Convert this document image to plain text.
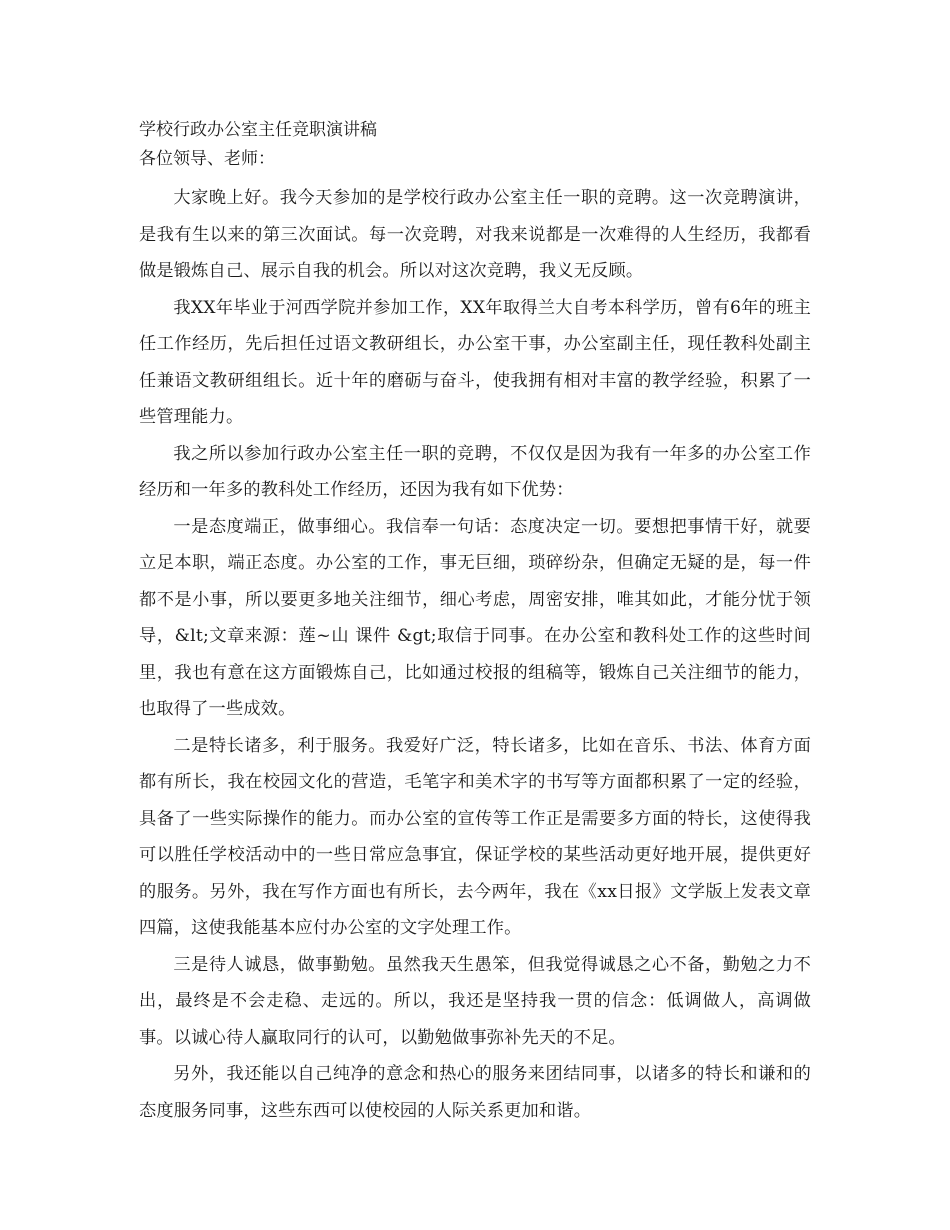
学校行政办公室主任竞职演讲稿

各位领导、老师：

大家晚上好。我今天参加的是学校行政办公室主任一职的竞聘。这一次竞聘演讲，是我有生以来的第三次面试。每一次竞聘，对我来说都是一次难得的人生经历，我都看做是锻炼自己、展示自我的机会。所以对这次竞聘，我义无反顾。

我XX年毕业于河西学院并参加工作，XX年取得兰大自考本科学历，曾有6年的班主任工作经历，先后担任过语文教研组长，办公室干事，办公室副主任，现任教科处副主任兼语文教研组组长。近十年的磨砺与奋斗，使我拥有相对丰富的教学经验，积累了一些管理能力。

我之所以参加行政办公室主任一职的竞聘，不仅仅是因为我有一年多的办公室工作经历和一年多的教科处工作经历，还因为我有如下优势：

一是态度端正，做事细心。我信奉一句话：态度决定一切。要想把事情干好，就要立足本职，端正态度。办公室的工作，事无巨细，琐碎纷杂，但确定无疑的是，每一件都不是小事，所以要更多地关注细节，细心考虑，周密安排，唯其如此，才能分忧于领导，&lt;文章来源：莲~山 课件 &gt;取信于同事。在办公室和教科处工作的这些时间里，我也有意在这方面锻炼自己，比如通过校报的组稿等，锻炼自己关注细节的能力，也取得了一些成效。

二是特长诸多，利于服务。我爱好广泛，特长诸多，比如在音乐、书法、体育方面都有所长，我在校园文化的营造，毛笔字和美术字的书写等方面都积累了一定的经验，具备了一些实际操作的能力。而办公室的宣传等工作正是需要多方面的特长，这使得我可以胜任学校活动中的一些日常应急事宜，保证学校的某些活动更好地开展，提供更好的服务。另外，我在写作方面也有所长，去今两年，我在《xx日报》文学版上发表文章四篇，这使我能基本应付办公室的文字处理工作。

三是待人诚恳，做事勤勉。虽然我天生愚笨，但我觉得诚恳之心不备，勤勉之力不出，最终是不会走稳、走远的。所以，我还是坚持我一贯的信念：低调做人，高调做事。以诚心待人赢取同行的认可，以勤勉做事弥补先天的不足。

另外，我还能以自己纯净的意念和热心的服务来团结同事，以诸多的特长和谦和的态度服务同事，这些东西可以使校园的人际关系更加和谐。
